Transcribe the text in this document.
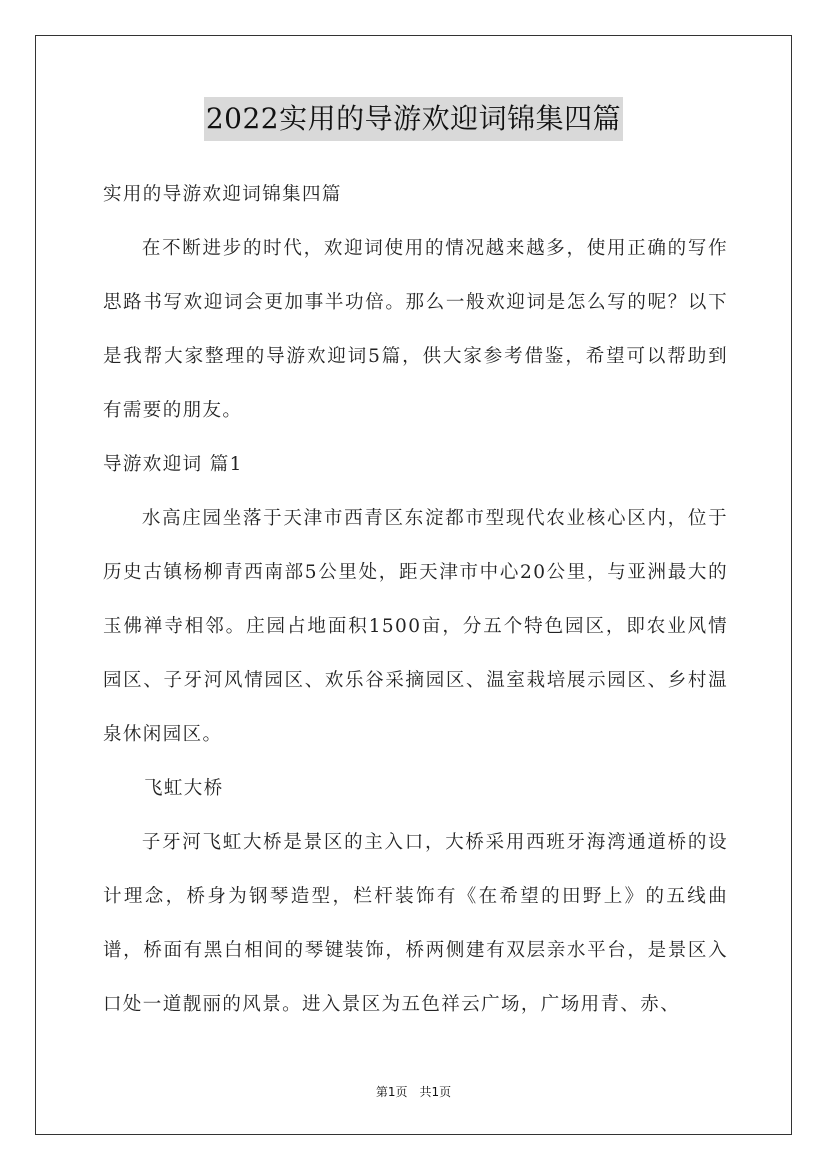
2022实用的导游欢迎词锦集四篇

实用的导游欢迎词锦集四篇

在不断进步的时代，欢迎词使用的情况越来越多，使用正确的写作思路书写欢迎词会更加事半功倍。那么一般欢迎词是怎么写的呢？以下是我帮大家整理的导游欢迎词5篇，供大家参考借鉴，希望可以帮助到有需要的朋友。

导游欢迎词 篇1

水高庄园坐落于天津市西青区东淀都市型现代农业核心区内，位于历史古镇杨柳青西南部5公里处，距天津市中心20公里，与亚洲最大的玉佛禅寺相邻。庄园占地面积1500亩，分五个特色园区，即农业风情园区、子牙河风情园区、欢乐谷采摘园区、温室栽培展示园区、乡村温泉休闲园区。

飞虹大桥

子牙河飞虹大桥是景区的主入口，大桥采用西班牙海湾通道桥的设计理念，桥身为钢琴造型，栏杆装饰有《在希望的田野上》的五线曲谱，桥面有黑白相间的琴键装饰，桥两侧建有双层亲水平台，是景区入口处一道靓丽的风景。进入景区为五色祥云广场，广场用青、赤、

第1页 共1页
